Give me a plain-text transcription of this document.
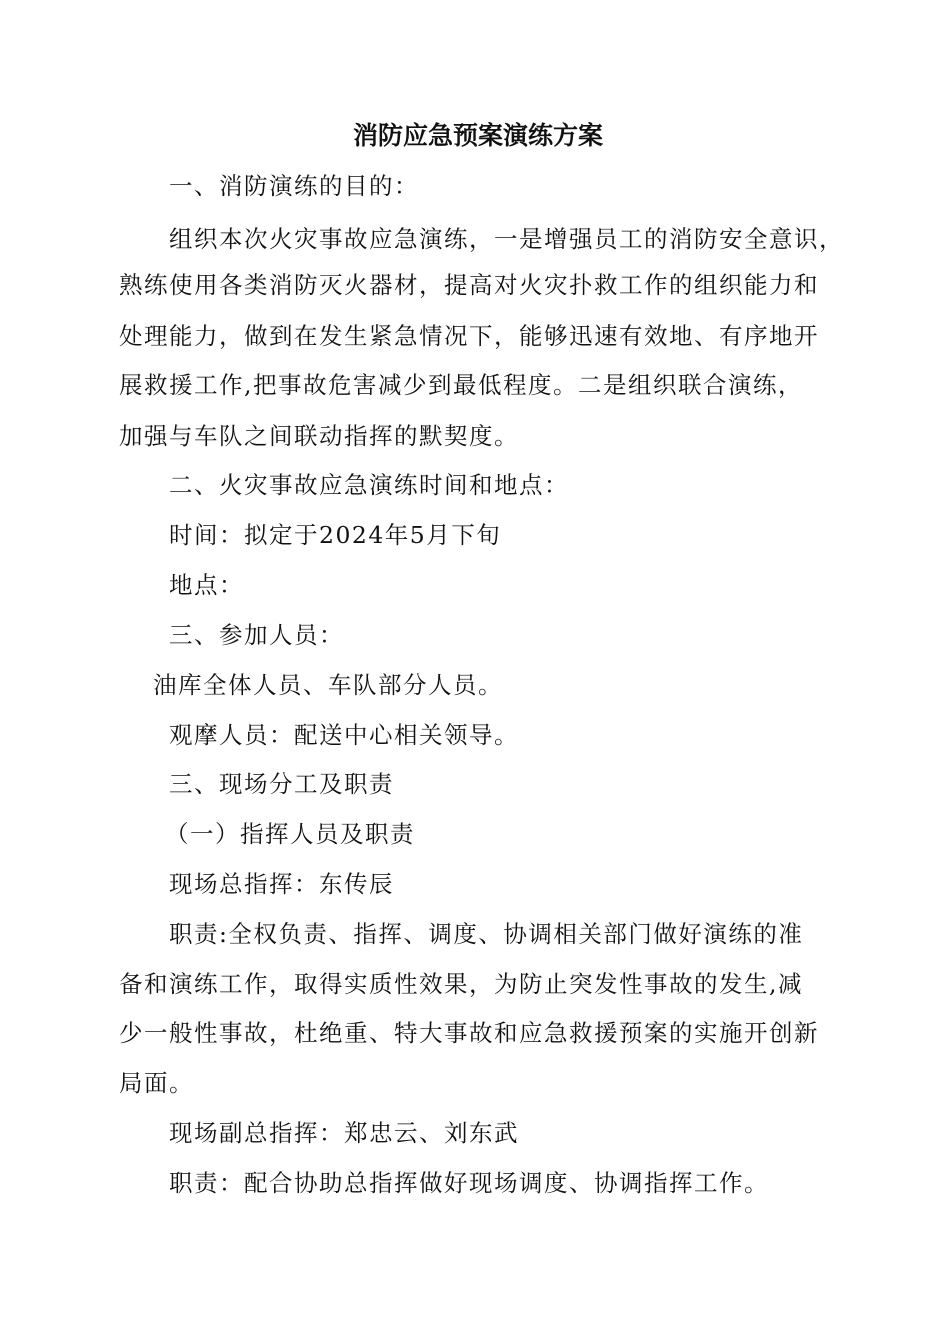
消防应急预案演练方案
一、消防演练的目的：
组织本次火灾事故应急演练，一是增强员工的消防安全意识，
熟练使用各类消防灭火器材，提高对火灾扑救工作的组织能力和
处理能力，做到在发生紧急情况下，能够迅速有效地、有序地开
展救援工作,把事故危害减少到最低程度。二是组织联合演练，
加强与车队之间联动指挥的默契度。
二、火灾事故应急演练时间和地点：
时间：拟定于2024年5月下旬
地点：
三、参加人员：
油库全体人员、车队部分人员。
观摩人员：配送中心相关领导。
三、现场分工及职责
（一）指挥人员及职责
现场总指挥：东传辰
职责:全权负责、指挥、调度、协调相关部门做好演练的准
备和演练工作，取得实质性效果，为防止突发性事故的发生,减
少一般性事故，杜绝重、特大事故和应急救援预案的实施开创新
局面。
现场副总指挥：郑忠云、刘东武
职责：配合协助总指挥做好现场调度、协调指挥工作。
